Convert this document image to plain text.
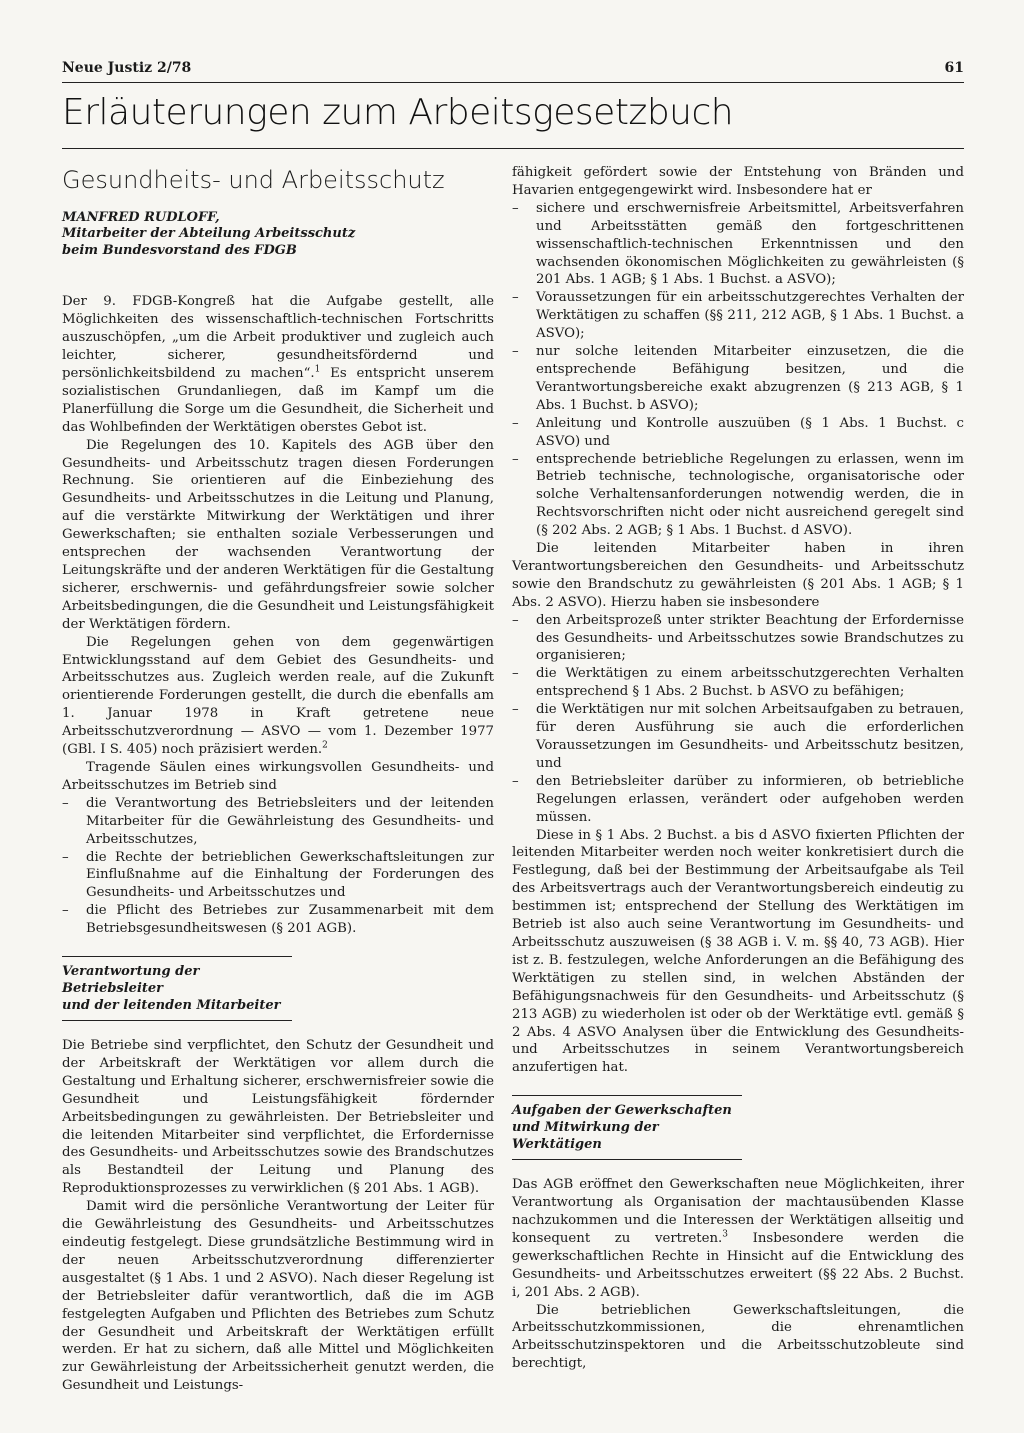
Neue Justiz 2/78	61
Erläuterungen zum Arbeitsgesetzbuch
Gesundheits- und Arbeitsschutz
MANFRED RUDLOFF,
Mitarbeiter der Abteilung Arbeitsschutz
beim Bundesvorstand des FDGB

Der 9. FDGB-Kongreß hat die Aufgabe gestellt, alle Möglichkeiten des wissenschaftlich-technischen Fortschritts auszuschöpfen, „um die Arbeit produktiver und zugleich auch leichter, sicherer, gesundheitsfördernd und persönlichkeitsbildend zu machen“.$^1$ Es entspricht unserem sozialistischen Grundanliegen, daß im Kampf um die Planerfüllung die Sorge um die Gesundheit, die Sicherheit und das Wohlbefinden der Werktätigen oberstes Gebot ist.

Die Regelungen des 10. Kapitels des AGB über den Gesundheits- und Arbeitsschutz tragen diesen Forderungen Rechnung. Sie orientieren auf die Einbeziehung des Gesundheits- und Arbeitsschutzes in die Leitung und Planung, auf die verstärkte Mitwirkung der Werktätigen und ihrer Gewerkschaften; sie enthalten soziale Verbesserungen und entsprechen der wachsenden Verantwortung der Leitungskräfte und der anderen Werktätigen für die Gestaltung sicherer, erschwernis- und gefährdungsfreier sowie solcher Arbeitsbedingungen, die die Gesundheit und Leistungsfähigkeit der Werktätigen fördern.

Die Regelungen gehen von dem gegenwärtigen Entwicklungsstand auf dem Gebiet des Gesundheits- und Arbeitsschutzes aus. Zugleich werden reale, auf die Zukunft orientierende Forderungen gestellt, die durch die ebenfalls am 1. Januar 1978 in Kraft getretene neue Arbeitsschutzverordnung — ASVO — vom 1. Dezember 1977 (GBl. I S. 405) noch präzisiert werden.$^2$

Tragende Säulen eines wirkungsvollen Gesundheits- und Arbeitsschutzes im Betrieb sind

– die Verantwortung des Betriebsleiters und der leitenden Mitarbeiter für die Gewährleistung des Gesundheits- und Arbeitsschutzes,
– die Rechte der betrieblichen Gewerkschaftsleitungen zur Einflußnahme auf die Einhaltung der Forderungen des Gesundheits- und Arbeitsschutzes und
– die Pflicht des Betriebes zur Zusammenarbeit mit dem Betriebsgesundheitswesen (§ 201 AGB).
Verantwortung der Betriebsleiter
und der leitenden Mitarbeiter

Die Betriebe sind verpflichtet, den Schutz der Gesundheit und der Arbeitskraft der Werktätigen vor allem durch die Gestaltung und Erhaltung sicherer, erschwernisfreier sowie die Gesundheit und Leistungsfähigkeit fördernder Arbeitsbedingungen zu gewährleisten. Der Betriebsleiter und die leitenden Mitarbeiter sind verpflichtet, die Erfordernisse des Gesundheits- und Arbeitsschutzes sowie des Brandschutzes als Bestandteil der Leitung und Planung des Reproduktionsprozesses zu verwirklichen (§ 201 Abs. 1 AGB).

Damit wird die persönliche Verantwortung der Leiter für die Gewährleistung des Gesundheits- und Arbeitsschutzes eindeutig festgelegt. Diese grundsätzliche Bestimmung wird in der neuen Arbeitsschutzverordnung differenzierter ausgestaltet (§ 1 Abs. 1 und 2 ASVO). Nach dieser Regelung ist der Betriebsleiter dafür verantwortlich, daß die im AGB festgelegten Aufgaben und Pflichten des Betriebes zum Schutz der Gesundheit und Arbeitskraft der Werktätigen erfüllt werden. Er hat zu sichern, daß alle Mittel und Möglichkeiten zur Gewährleistung der Arbeitssicherheit genutzt werden, die Gesundheit und Leistungs-

fähigkeit gefördert sowie der Entstehung von Bränden und Havarien entgegengewirkt wird. Insbesondere hat er

– sichere und erschwernisfreie Arbeitsmittel, Arbeitsverfahren und Arbeitsstätten gemäß den fortgeschrittenen wissenschaftlich-technischen Erkenntnissen und den wachsenden ökonomischen Möglichkeiten zu gewährleisten (§ 201 Abs. 1 AGB; § 1 Abs. 1 Buchst. a ASVO);
– Voraussetzungen für ein arbeitsschutzgerechtes Verhalten der Werktätigen zu schaffen (§§ 211, 212 AGB, § 1 Abs. 1 Buchst. a ASVO);
– nur solche leitenden Mitarbeiter einzusetzen, die die entsprechende Befähigung besitzen, und die Verantwortungsbereiche exakt abzugrenzen (§ 213 AGB, § 1 Abs. 1 Buchst. b ASVO);
– Anleitung und Kontrolle auszuüben (§ 1 Abs. 1 Buchst. c ASVO) und
– entsprechende betriebliche Regelungen zu erlassen, wenn im Betrieb technische, technologische, organisatorische oder solche Verhaltensanforderungen notwendig werden, die in Rechtsvorschriften nicht oder nicht ausreichend geregelt sind (§ 202 Abs. 2 AGB; § 1 Abs. 1 Buchst. d ASVO).

Die leitenden Mitarbeiter haben in ihren Verantwortungsbereichen den Gesundheits- und Arbeitsschutz sowie den Brandschutz zu gewährleisten (§ 201 Abs. 1 AGB; § 1 Abs. 2 ASVO). Hierzu haben sie insbesondere

– den Arbeitsprozeß unter strikter Beachtung der Erfordernisse des Gesundheits- und Arbeitsschutzes sowie Brandschutzes zu organisieren;
– die Werktätigen zu einem arbeitsschutzgerechten Verhalten entsprechend § 1 Abs. 2 Buchst. b ASVO zu befähigen;
– die Werktätigen nur mit solchen Arbeitsaufgaben zu betrauen, für deren Ausführung sie auch die erforderlichen Voraussetzungen im Gesundheits- und Arbeitsschutz besitzen, und
– den Betriebsleiter darüber zu informieren, ob betriebliche Regelungen erlassen, verändert oder aufgehoben werden müssen.

Diese in § 1 Abs. 2 Buchst. a bis d ASVO fixierten Pflichten der leitenden Mitarbeiter werden noch weiter konkretisiert durch die Festlegung, daß bei der Bestimmung der Arbeitsaufgabe als Teil des Arbeitsvertrags auch der Verantwortungsbereich eindeutig zu bestimmen ist; entsprechend der Stellung des Werktätigen im Betrieb ist also auch seine Verantwortung im Gesundheits- und Arbeitsschutz auszuweisen (§ 38 AGB i. V. m. §§ 40, 73 AGB). Hier ist z. B. festzulegen, welche Anforderungen an die Befähigung des Werktätigen zu stellen sind, in welchen Abständen der Befähigungsnachweis für den Gesundheits- und Arbeitsschutz (§ 213 AGB) zu wiederholen ist oder ob der Werktätige evtl. gemäß § 2 Abs. 4 ASVO Analysen über die Entwicklung des Gesundheits- und Arbeitsschutzes in seinem Verantwortungsbereich anzufertigen hat.

Aufgaben der Gewerkschaften
und Mitwirkung der Werktätigen

Das AGB eröffnet den Gewerkschaften neue Möglichkeiten, ihrer Verantwortung als Organisation der machtausübenden Klasse nachzukommen und die Interessen der Werktätigen allseitig und konsequent zu vertreten.$^3$ Insbesondere werden die gewerkschaftlichen Rechte in Hinsicht auf die Entwicklung des Gesundheits- und Arbeitsschutzes erweitert (§§ 22 Abs. 2 Buchst. i, 201 Abs. 2 AGB).

Die betrieblichen Gewerkschaftsleitungen, die Arbeitsschutzkommissionen, die ehrenamtlichen Arbeitsschutzinspektoren und die Arbeitsschutzobleute sind berechtigt,
